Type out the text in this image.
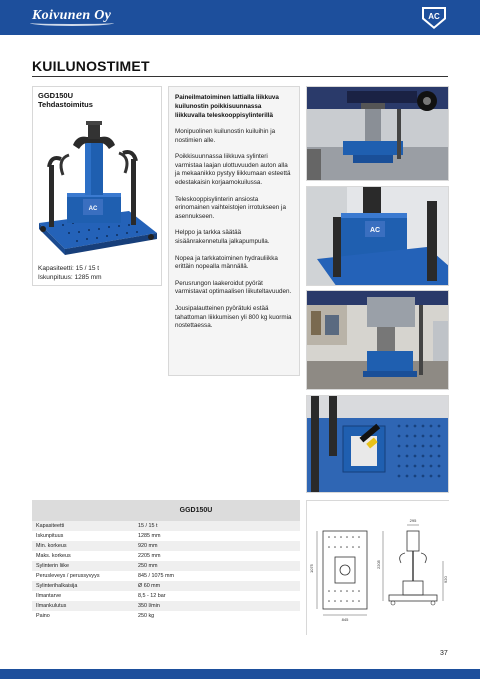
Koivunen Oy	AC
KUILUNOSTIMET
GGD150U
Tehdastoimitus
AC
Kapasiteetti: 15 / 15 t
Iskunpituus: 1285 mm

Paineilmatoiminen lattialla liikkuva kuilunostin poikkisuunnassa liikkuvalla teleskooppisylinterillä

Monipuolinen kuilunostin kuiluihin ja nostimien alle.

Poikkisuunnassa liikkuva sylinteri varmistaa laajan ulottuvuuden auton alla ja mekaanikko pystyy liikkumaan esteettä edestakaisin korjaamokuilussa.

Teleskooppisylinterin ansiosta erinomainen vaihteistojen irrotukseen ja asennukseen.

Helppo ja tarkka säätää sisäänrakennetulla jalkapumpulla.

Nopea ja tarkkatoiminen hydrauliikka erittäin nopealla männällä.

Perusrungon laakeroidut pyörät varmistavat optimaalisen liikuteltavuuden.

Jousipalautteinen pyörätuki estää tahattoman liikkumisen yli 800 kg kuormia nostettaessa.

AC
GGD150U
Kapasiteetti	15 / 15 t
Iskunpituus	1285 mm
Min. korkeus	920 mm
Maks. korkeus	2205 mm
Sylinterin liike	250 mm
Perusleveys / perussyvyys	845 / 1075 mm
Sylinterihalkaisija	Ø 60 mm
Ilmantarve	8,5 - 12 bar
Ilmankulutus	350 l/min
Paino	250 kg
1075
845
295
2205
920
37
